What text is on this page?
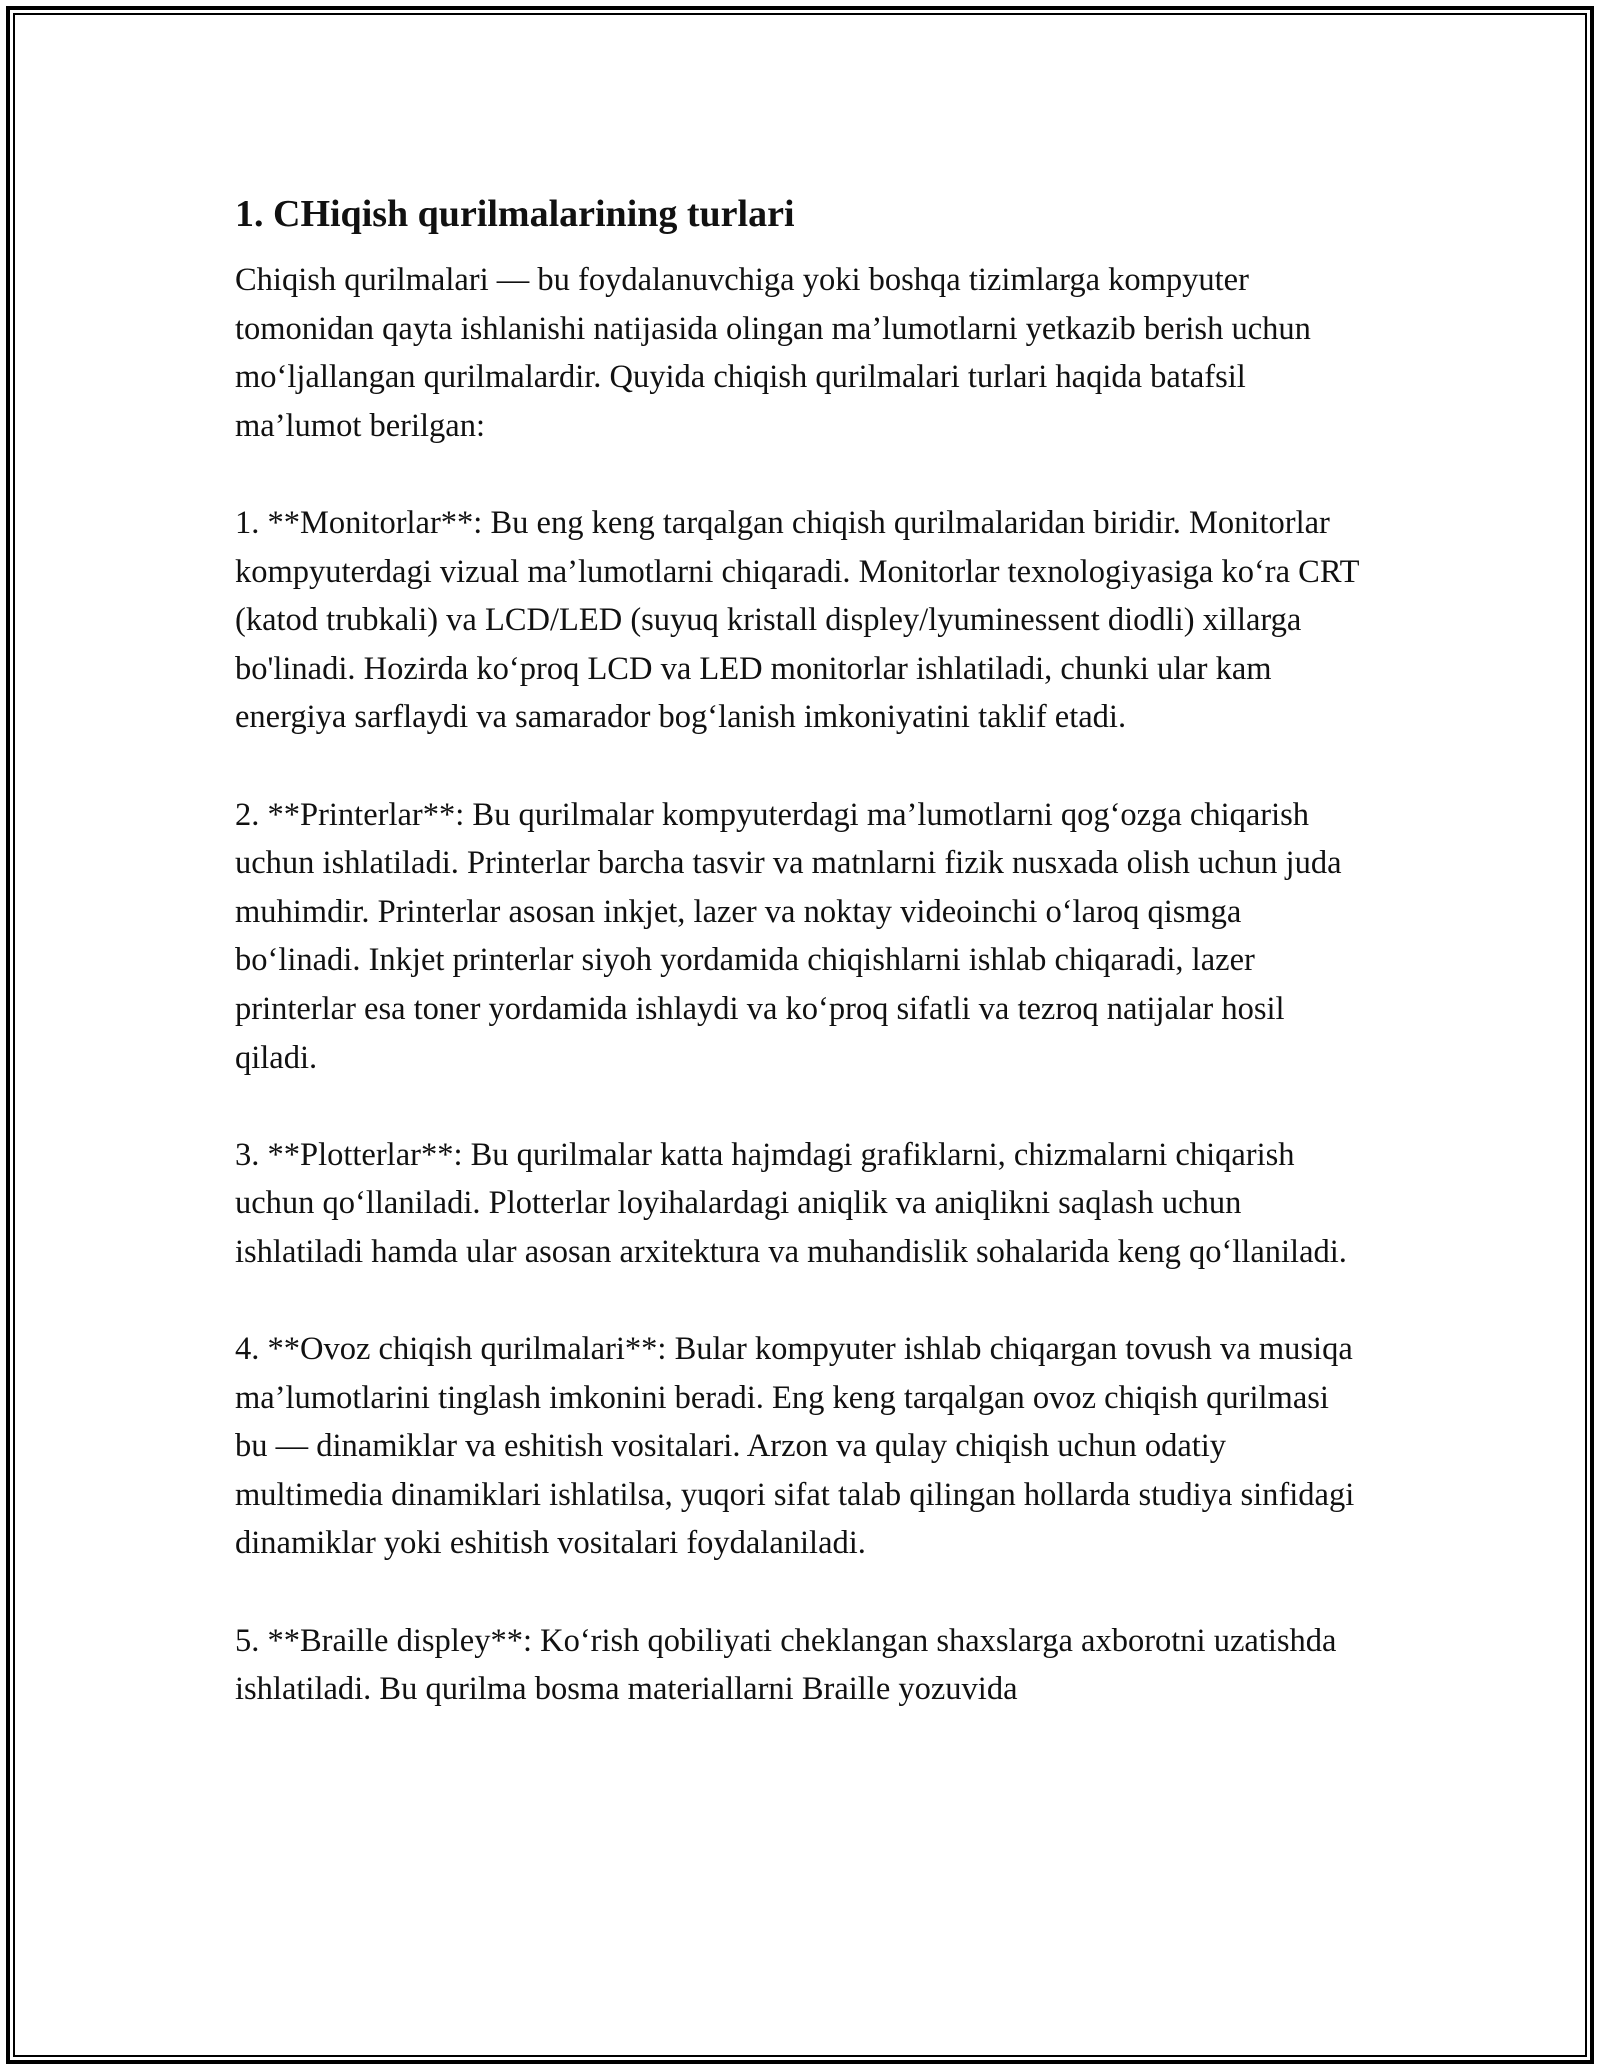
1. CHiqish qurilmalarining turlari

Chiqish qurilmalari — bu foydalanuvchiga yoki boshqa tizimlarga kompyuter tomonidan qayta ishlanishi natijasida olingan ma’lumotlarni yetkazib berish uchun mo‘ljallangan qurilmalardir. Quyida chiqish qurilmalari turlari haqida batafsil ma’lumot berilgan:

1. **Monitorlar**: Bu eng keng tarqalgan chiqish qurilmalaridan biridir. Monitorlar kompyuterdagi vizual ma’lumotlarni chiqaradi. Monitorlar texnologiyasiga ko‘ra CRT (katod trubkali) va LCD/LED (suyuq kristall displey/lyuminessent diodli) xillarga bo'linadi. Hozirda ko‘proq LCD va LED monitorlar ishlatiladi, chunki ular kam energiya sarflaydi va samarador bog‘lanish imkoniyatini taklif etadi.

2. **Printerlar**: Bu qurilmalar kompyuterdagi ma’lumotlarni qog‘ozga chiqarish uchun ishlatiladi. Printerlar barcha tasvir va matnlarni fizik nusxada olish uchun juda muhimdir. Printerlar asosan inkjet, lazer va noktay videoinchi o‘laroq qismga bo‘linadi. Inkjet printerlar siyoh yordamida chiqishlarni ishlab chiqaradi, lazer printerlar esa toner yordamida ishlaydi va ko‘proq sifatli va tezroq natijalar hosil qiladi.

3. **Plotterlar**: Bu qurilmalar katta hajmdagi grafiklarni, chizmalarni chiqarish uchun qo‘llaniladi. Plotterlar loyihalardagi aniqlik va aniqlikni saqlash uchun ishlatiladi hamda ular asosan arxitektura va muhandislik sohalarida keng qo‘llaniladi.

4. **Ovoz chiqish qurilmalari**: Bular kompyuter ishlab chiqargan tovush va musiqa ma’lumotlarini tinglash imkonini beradi. Eng keng tarqalgan ovoz chiqish qurilmasi bu — dinamiklar va eshitish vositalari. Arzon va qulay chiqish uchun odatiy multimedia dinamiklari ishlatilsa, yuqori sifat talab qilingan hollarda studiya sinfidagi dinamiklar yoki eshitish vositalari foydalaniladi.

5. **Braille displey**: Ko‘rish qobiliyati cheklangan shaxslarga axborotni uzatishda ishlatiladi. Bu qurilma bosma materiallarni Braille yozuvida
